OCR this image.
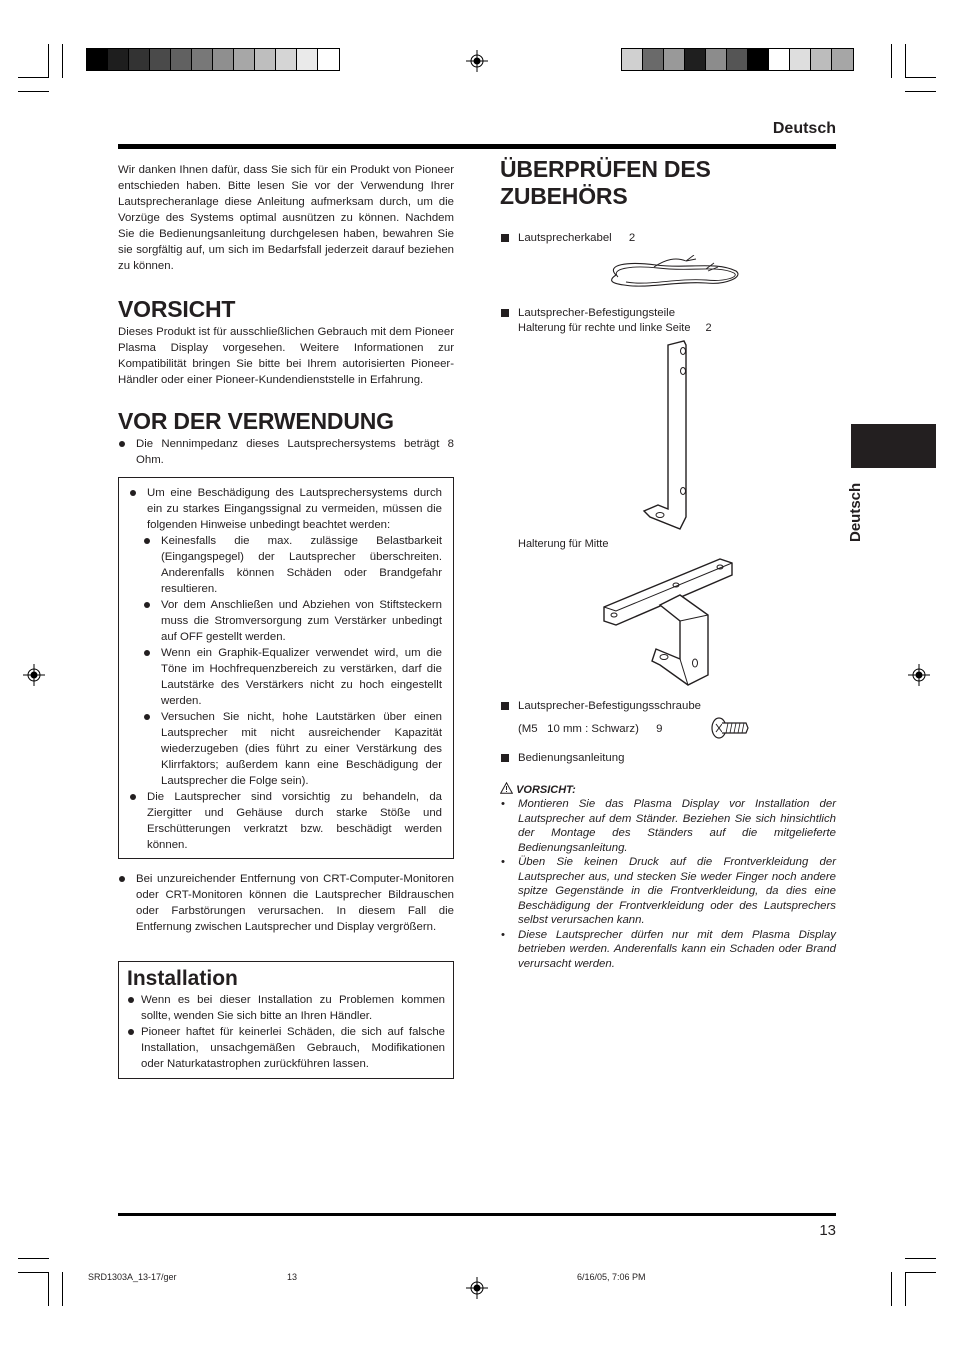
Deutsch

Wir danken Ihnen dafür, dass Sie sich für ein Produkt von Pioneer entschieden haben. Bitte lesen Sie vor der Verwendung Ihrer Lautsprecheranlage diese Anleitung aufmerksam durch, um die Vorzüge des Systems optimal ausnützen zu können. Nachdem Sie die Bedienungsanleitung durchgelesen haben, bewahren Sie sie sorgfältig auf, um sich im Bedarfsfall jederzeit darauf beziehen zu können.

VORSICHT

Dieses Produkt ist für ausschließlichen Gebrauch mit dem Pioneer Plasma Display vorgesehen. Weitere Informationen zur Kompatibilität bringen Sie bitte bei Ihrem autorisierten Pioneer-Händler oder einer Pioneer-Kundendienststelle in Erfahrung.

VOR DER VERWENDUNG
Die Nennimpedanz dieses Lautsprechersystems beträgt 8 Ohm.
Um eine Beschädigung des Lautsprechersystems durch ein zu starkes Eingangssignal zu vermeiden, müssen die folgenden Hinweise unbedingt beachtet werden:
Keinesfalls die max. zulässige Belastbarkeit (Eingangspegel) der Lautsprecher überschreiten. Anderenfalls können Schäden oder Brandgefahr resultieren.
Vor dem Anschließen und Abziehen von Stiftsteckern muss die Stromversorgung zum Verstärker unbedingt auf OFF gestellt werden.
Wenn ein Graphik-Equalizer verwendet wird, um die Töne im Hochfrequenzbereich zu verstärken, darf die Lautstärke des Verstärkers nicht zu hoch eingestellt werden.
Versuchen Sie nicht, hohe Lautstärken über einen Lautsprecher mit nicht ausreichender Kapazität wiederzugeben (dies führt zu einer Verstärkung des Klirrfaktors; außerdem kann eine Beschädigung der Lautsprecher die Folge sein).
Die Lautsprecher sind vorsichtig zu behandeln, da Ziergitter und Gehäuse durch starke Stöße und Erschütterungen verkratzt bzw. beschädigt werden können.
Bei unzureichender Entfernung von CRT-Computer-Monitoren oder CRT-Monitoren können die Lautsprecher Bildrauschen oder Farbstörungen verursachen. In diesem Fall die Entfernung zwischen Lautsprecher und Display vergrößern.
Installation
Wenn es bei dieser Installation zu Problemen kommen sollte, wenden Sie sich bitte an Ihren Händler.
Pioneer haftet für keinerlei Schäden, die sich auf falsche Installation, unsachgemäßen Gebrauch, Modifikationen oder Naturkatastrophen zurückführen lassen.
ÜBERPRÜFEN DES ZUBEHÖRS
Lautsprecherkabel 2
Lautsprecher-Befestigungsteile
Halterung für rechte und linke Seite 2
Halterung für Mitte
Lautsprecher-Befestigungsschraube
(M5   10 mm : Schwarz) 9
Bedienungsanleitung
VORSICHT:
• Montieren Sie das Plasma Display vor Installation der Lautsprecher auf dem Ständer. Beziehen Sie sich hinsichtlich der Montage des Ständers auf die mitgelieferte Bedienungsanleitung.
• Üben Sie keinen Druck auf die Frontverkleidung der Lautsprecher aus, und stecken Sie weder Finger noch andere spitze Gegenstände in die Frontverkleidung, da dies eine Beschädigung der Frontverkleidung oder des Lautsprechers selbst verursachen kann.
• Diese Lautsprecher dürfen nur mit dem Plasma Display betrieben werden. Anderenfalls kann ein Schaden oder Brand verursacht werden.
Deutsch
13
SRD1303A_13-17/ger	13	6/16/05, 7:06 PM
